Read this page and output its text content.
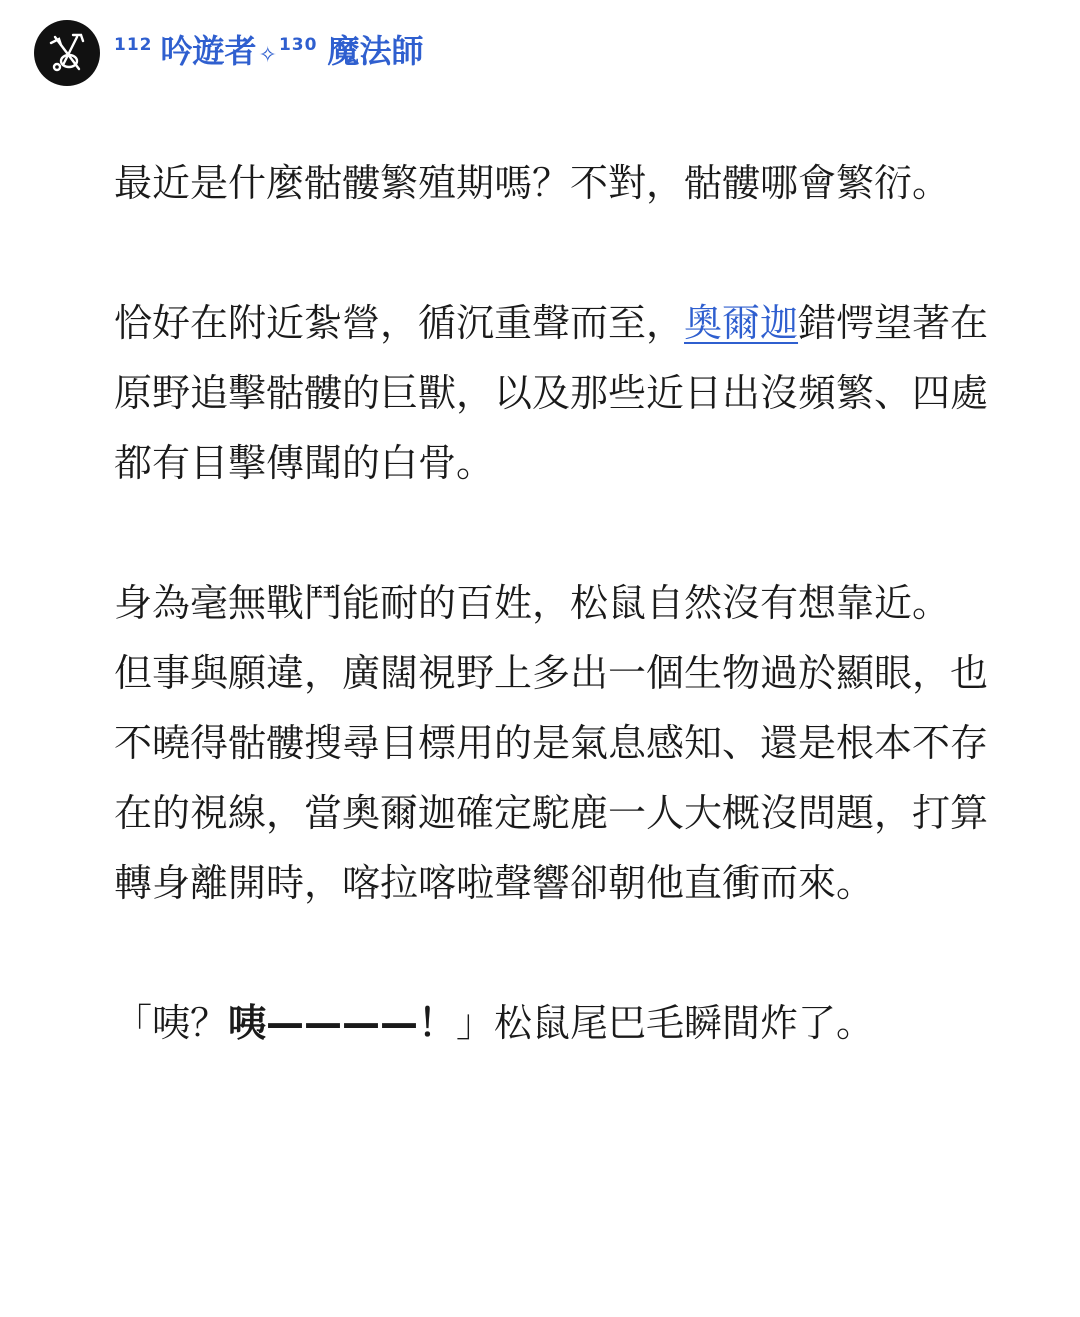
112 吟遊者 ✧ 130 魔法師

最近是什麼骷髏繁殖期嗎？不對，骷髏哪會繁衍。

恰好在附近紮營，循沉重聲而至，奧爾迦錯愕望著在原野追擊骷髏的巨獸，以及那些近日出沒頻繁、四處都有目擊傳聞的白骨。

身為毫無戰鬥能耐的百姓，松鼠自然沒有想靠近。

但事與願違，廣闊視野上多出一個生物過於顯眼，也不曉得骷髏搜尋目標用的是氣息感知、還是根本不存在的視線，當奧爾迦確定駝鹿一人大概沒問題，打算轉身離開時，喀拉喀啦聲響卻朝他直衝而來。

「咦？咦————！」松鼠尾巴毛瞬間炸了。
